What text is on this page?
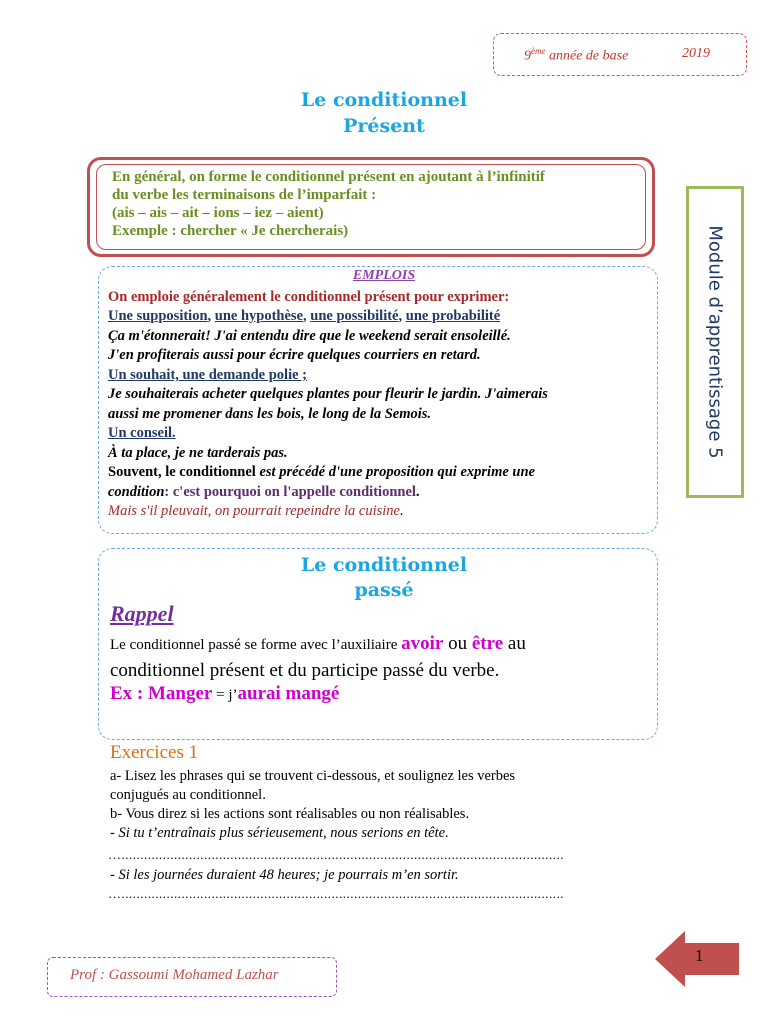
9ème année de base	2019
Le conditionnel
Présent
En général, on forme le conditionnel présent en ajoutant à l’infinitif
du verbe les terminaisons de l’imparfait :
(ais – ais – ait – ions – iez – aient)
Exemple : chercher « Je chercherais)	Module d’apprentissage 5
EMPLOIS
On emploie généralement le conditionnel présent pour exprimer:
Une supposition, une hypothèse, une possibilité, une probabilité
Ça m'étonnerait! J'ai entendu dire que le weekend serait ensoleillé.
J'en profiterais aussi pour écrire quelques courriers en retard.
Un souhait, une demande polie ;
Je souhaiterais acheter quelques plantes pour fleurir le jardin. J'aimerais
aussi me promener dans les bois, le long de la Semois.
Un conseil.
À ta place, je ne tarderais pas.
Souvent, le conditionnel est précédé d'une proposition qui exprime une
condition: c'est pourquoi on l'appelle conditionnel.
Mais s'il pleuvait, on pourrait repeindre la cuisine.
Le conditionnel
passé
Rappel
Le conditionnel passé se forme avec l’auxiliaire avoir ou être au
conditionnel présent et du participe passé du verbe.
Ex : Manger = j’aurai mangé
Exercices 1
a- Lisez les phrases qui se trouvent ci-dessous, et soulignez les verbes
conjugués au conditionnel.
b- Vous direz si les actions sont réalisables ou non réalisables.
- Si tu t’entraînais plus sérieusement, nous serions en tête.
…......................................................................................................................
- Si les journées duraient 48 heures; je pourrais m’en sortir.
…......................................................................................................................
Prof : Gassoumi Mohamed Lazhar
1
